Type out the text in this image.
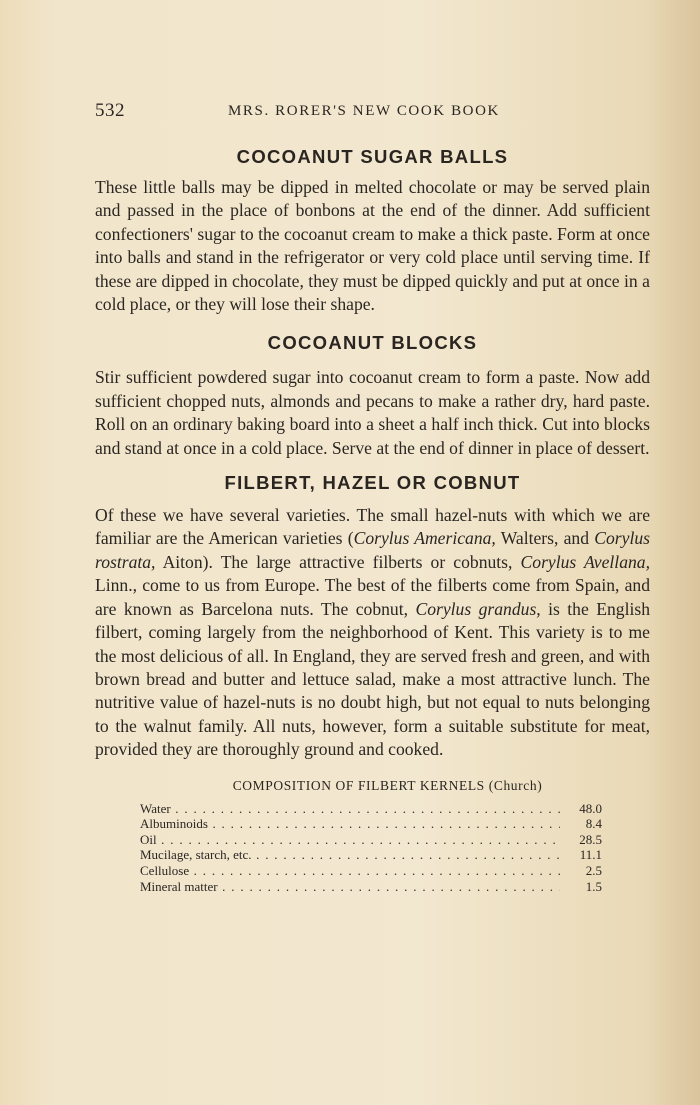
532	MRS. RORER'S NEW COOK BOOK
COCOANUT SUGAR BALLS

These little balls may be dipped in melted chocolate or may be served plain and passed in the place of bonbons at the end of the dinner. Add sufficient confectioners' sugar to the cocoanut cream to make a thick paste. Form at once into balls and stand in the refrigerator or very cold place until serving time. If these are dipped in chocolate, they must be dipped quickly and put at once in a cold place, or they will lose their shape.

COCOANUT BLOCKS

Stir sufficient powdered sugar into cocoanut cream to form a paste. Now add sufficient chopped nuts, almonds and pecans to make a rather dry, hard paste. Roll on an ordinary baking board into a sheet a half inch thick. Cut into blocks and stand at once in a cold place. Serve at the end of dinner in place of dessert.

FILBERT, HAZEL OR COBNUT

Of these we have several varieties. The small hazel-nuts with which we are familiar are the American varieties (Corylus Americana, Walters, and Corylus rostrata, Aiton). The large attractive filberts or cobnuts, Corylus Avellana, Linn., come to us from Europe. The best of the filberts come from Spain, and are known as Barcelona nuts. The cobnut, Corylus grandus, is the English filbert, coming largely from the neighborhood of Kent. This variety is to me the most delicious of all. In England, they are served fresh and green, and with brown bread and butter and lettuce salad, make a most attractive lunch. The nutritive value of hazel-nuts is no doubt high, but not equal to nuts belonging to the walnut family. All nuts, however, form a suitable substitute for meat, provided they are thoroughly ground and cooked.

COMPOSITION OF FILBERT KERNELS (Church)
Water . . .	48.0
Albuminoids . . .	8.4
Oil . . .	28.5
Mucilage, starch, etc. . . .	11.1
Cellulose . . .	2.5
Mineral matter . . .	1.5
